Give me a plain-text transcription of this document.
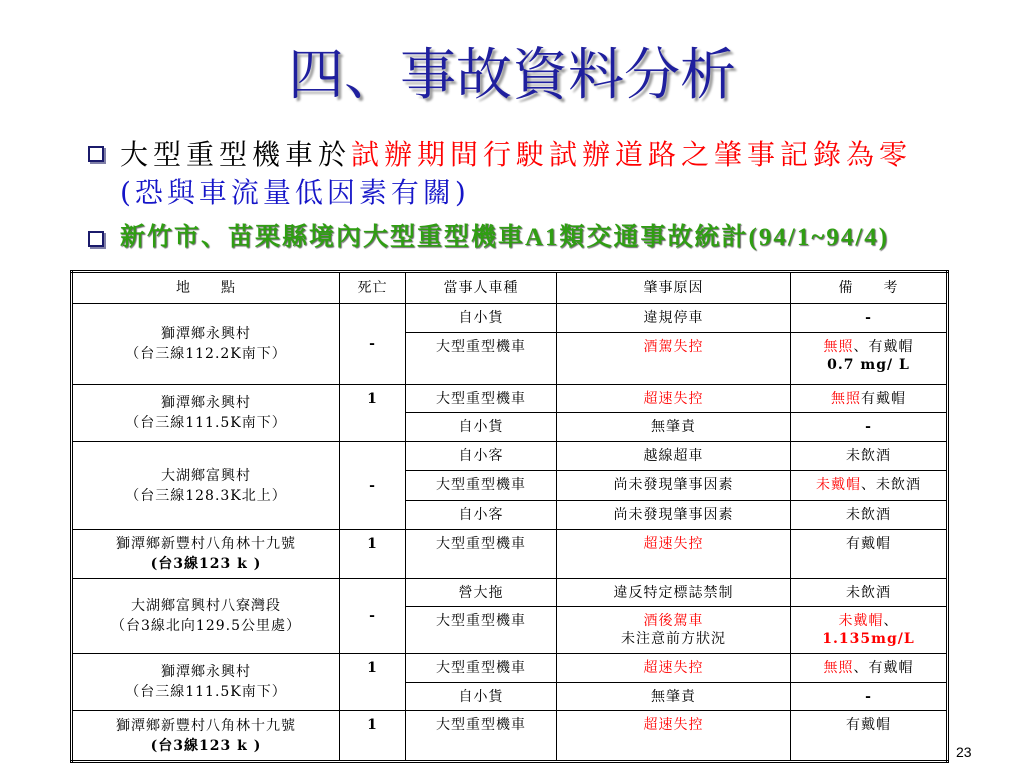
四、事故資料分析
大型重型機車於試辦期間行駛試辦道路之肇事記錄為零
(恐與車流量低因素有關)
新竹市、苗栗縣境內大型重型機車A1類交通事故統計(94/1~94/4)
地　　點	死亡	當事人車種	肇事原因	備　　考

獅潭鄉永興村
（台三線112.2K南下）	-	自小貨	違規停車	-
		大型重型機車	酒駕失控	無照、有戴帽
0.7 mg/ L

獅潭鄉永興村
（台三線111.5K南下）	1	大型重型機車	超速失控	無照有戴帽
		自小貨	無肇責	-

大湖鄉富興村
（台三線128.3K北上）	-	自小客	越線超車	未飲酒
		大型重型機車	尚未發現肇事因素	未戴帽、未飲酒
		自小客	尚未發現肇事因素	未飲酒

獅潭鄉新豐村八角林十九號
(台3線123 k )	1	大型重型機車	超速失控	有戴帽

大湖鄉富興村八寮灣段
（台3線北向129.5公里處）	-	營大拖	違反特定標誌禁制	未飲酒
		大型重型機車	酒後駕車
未注意前方狀況	未戴帽、1.135mg/L

獅潭鄉永興村
（台三線111.5K南下）	1	大型重型機車	超速失控	無照、有戴帽
		自小貨	無肇責	-

獅潭鄉新豐村八角林十九號
(台3線123 k )	1	大型重型機車	超速失控	有戴帽
23
